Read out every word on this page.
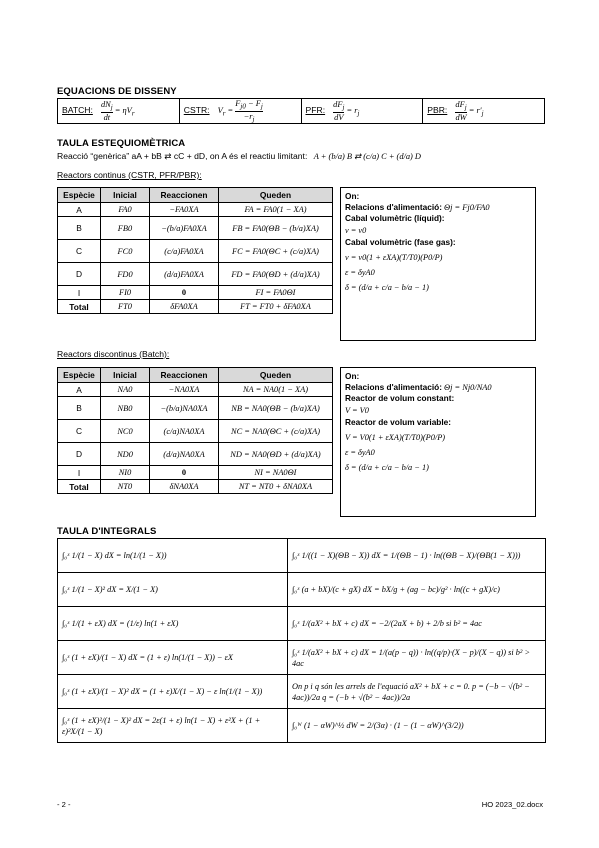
EQUACIONS DE DISSENY
BATCH:
$dN_j$
dt
= $\eta V_r$	CSTR: $V_r = \frac{F_{j0} - F_j}{-r_j}$	PFR:
$dF_j$
dV
= $r_j$	PBR:
$dF_j$
dW
= $r'_j$
TAULA ESTEQUIOMÈTRICA
Reacció “genèrica” aA + bB ⇄ cC + dD, on A és el reactiu limitant: A + (b/a) B ⇄ (c/a) C + (d/a) D
Reactors continus (CSTR, PFR/PBR):
Espècie	Inicial	Reaccionen	Queden
A	FA0	−FA0XA	FA = FA0(1 − XA)
B	FB0	−(b/a)FA0XA	FB = FA0(ΘB − (b/a)XA)
C	FC0	(c/a)FA0XA	FC = FA0(ΘC + (c/a)XA)
D	FD0	(d/a)FA0XA	FD = FA0(ΘD + (d/a)XA)
I	FI0	0	FI = FA0ΘI
Total	FT0	δFA0XA	FT = FT0 + δFA0XA
On:
Relacions d'alimentació: Θj = Fj0/FA0
Cabal volumètric (líquid):
v = v0
Cabal volumètric (fase gas):
v = v0(1 + εXA)(T/T0)(P0/P)
ε = δyA0
δ = (d/a + c/a − b/a − 1)
Reactors discontinus (Batch):
Espècie	Inicial	Reaccionen	Queden
A	NA0	−NA0XA	NA = NA0(1 − XA)
B	NB0	−(b/a)NA0XA	NB = NA0(ΘB − (b/a)XA)
C	NC0	(c/a)NA0XA	NC = NA0(ΘC + (c/a)XA)
D	ND0	(d/a)NA0XA	ND = NA0(ΘD + (d/a)XA)
I	NI0	0	NI = NA0ΘI
Total	NT0	δNA0XA	NT = NT0 + δNA0XA
On:
Relacions d'alimentació: Θj = Nj0/NA0
Reactor de volum constant:
V = V0
Reactor de volum variable:
V = V0(1 + εXA)(T/T0)(P0/P)
ε = δyA0
δ = (d/a + c/a − b/a − 1)
TAULA D'INTEGRALS
∫₀ˣ 1/(1 − X) dX = ln(1/(1 − X))	∫₀ˣ 1/((1 − X)(ΘB − X)) dX = 1/(ΘB − 1) · ln((ΘB − X)/(ΘB(1 − X)))
∫₀ˣ 1/(1 − X)² dX = X/(1 − X)	∫₀ˣ (a + bX)/(c + gX) dX = bX/g + (ag − bc)/g² · ln((c + gX)/c)
∫₀ˣ 1/(1 + εX) dX = (1/ε) ln(1 + εX)	∫₀ˣ 1/(aX² + bX + c) dX = −2/(2aX + b) + 2/b si b² = 4ac
∫₀ˣ (1 + εX)/(1 − X) dX = (1 + ε) ln(1/(1 − X)) − εX	∫₀ˣ 1/(aX² + bX + c) dX = 1/(a(p − q)) · ln((q/p)·(X − p)/(X − q)) si b² > 4ac
∫₀ˣ (1 + εX)/(1 − X)² dX = (1 + ε)X/(1 − X) − ε ln(1/(1 − X))	On p i q són les arrels de l'equació aX² + bX + c = 0. p = (−b − √(b² − 4ac))/2a q = (−b + √(b² − 4ac))/2a
∫₀ˣ (1 + εX)²/(1 − X)² dX = 2ε(1 + ε) ln(1 − X) + ε²X + (1 + ε)²X/(1 − X)	∫₀ᵂ (1 − αW)^½ dW = 2/(3α) · (1 − (1 − αW)^(3/2))
- 2 -	HO 2023_02.docx
